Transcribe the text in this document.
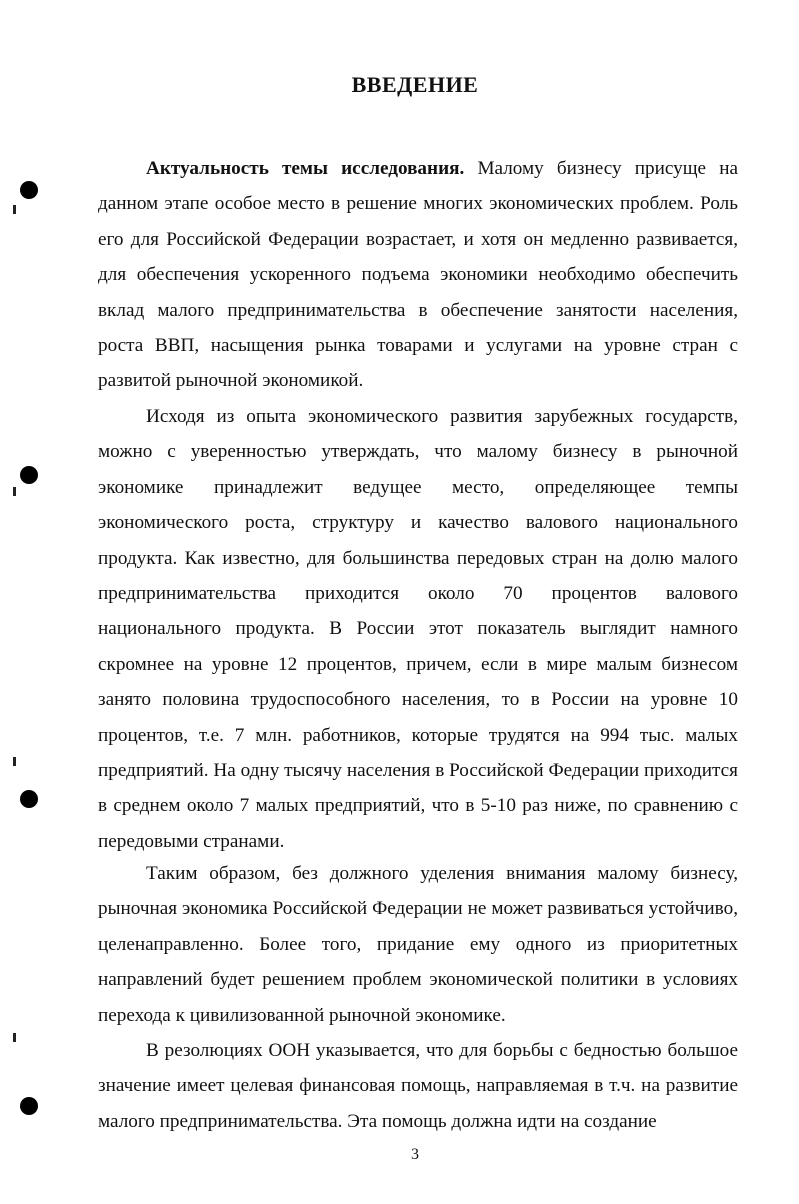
ВВЕДЕНИЕ

Актуальность темы исследования. Малому бизнесу присуще на данном этапе особое место в решение многих экономических проблем. Роль его для Российской Федерации возрастает, и хотя он медленно развивается, для обеспечения ускоренного подъема экономики необходимо обеспечить вклад малого предпринимательства в обеспечение занятости населения, роста ВВП, насыщения рынка товарами и услугами на уровне стран с развитой рыночной экономикой.

Исходя из опыта экономического развития зарубежных государств, можно с уверенностью утверждать, что малому бизнесу в рыночной экономике принадлежит ведущее место, определяющее темпы экономического роста, структуру и качество валового национального продукта. Как известно, для большинства передовых стран на долю малого предпринимательства приходится около 70 процентов валового национального продукта. В России этот показатель выглядит намного скромнее на уровне 12 процентов, причем, если в мире малым бизнесом занято половина трудоспособного населения, то в России на уровне 10 процентов, т.е. 7 млн. работников, которые трудятся на 994 тыс. малых предприятий. На одну тысячу населения в Российской Федерации приходится в среднем около 7 малых предприятий, что в 5-10 раз ниже, по сравнению с передовыми странами.

Таким образом, без должного уделения внимания малому бизнесу, рыночная экономика Российской Федерации не может развиваться устойчиво, целенаправленно. Более того, придание ему одного из приоритетных направлений будет решением проблем экономической политики в условиях перехода к цивилизованной рыночной экономике.

В резолюциях ООН указывается, что для борьбы с бедностью большое значение имеет целевая финансовая помощь, направляемая в т.ч. на развитие малого предпринимательства. Эта помощь должна идти на создание

3
